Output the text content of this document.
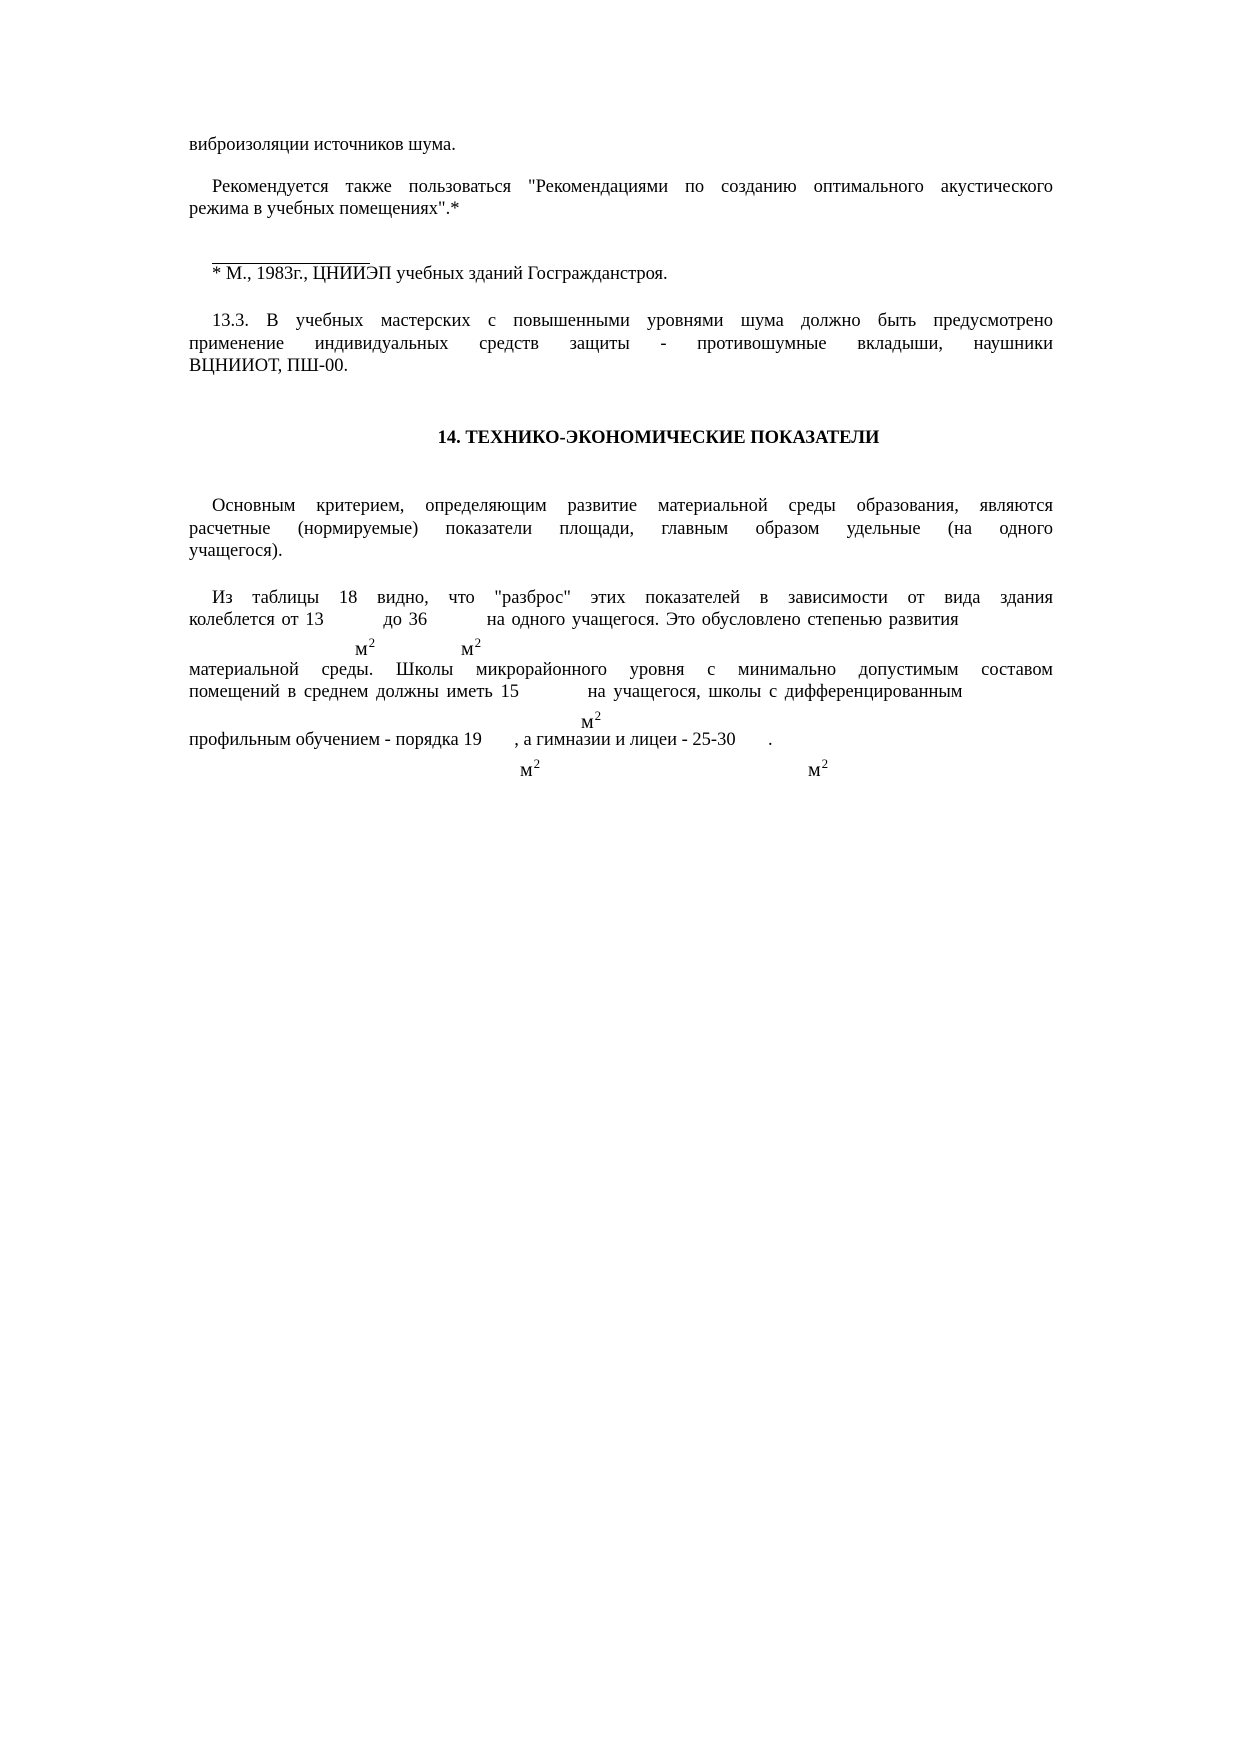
виброизоляции источников шума.
Рекомендуется также пользоваться "Рекомендациями по созданию оптимального акустического
режима в учебных помещениях".*
* М., 1983г., ЦНИИЭП учебных зданий Госгражданстроя.
13.3. В учебных мастерских с повышенными уровнями шума должно быть предусмотрено
применение индивидуальных средств защиты - противошумные вкладыши, наушники
ВЦНИИОТ, ПШ-00.
14. ТЕХНИКО-ЭКОНОМИЧЕСКИЕ ПОКАЗАТЕЛИ
Основным критерием, определяющим развитие материальной среды образования, являются
расчетные (нормируемые) показатели площади, главным образом удельные (на одного
учащегося).
Из таблицы 18 видно, что "разброс" этих показателей в зависимости от вида здания
колеблется от 13         до 36         на одного учащегося. Это обусловлено степенью развития
$м^2$	$м^2$
материальной среды. Школы микрорайонного уровня с минимально допустимым составом
помещений в среднем должны иметь 15         на учащегося, школы с дифференцированным
$м^2$
профильным обучением - порядка 19       , а гимназии и лицеи - 25-30       .
$м^2$	$м^2$
